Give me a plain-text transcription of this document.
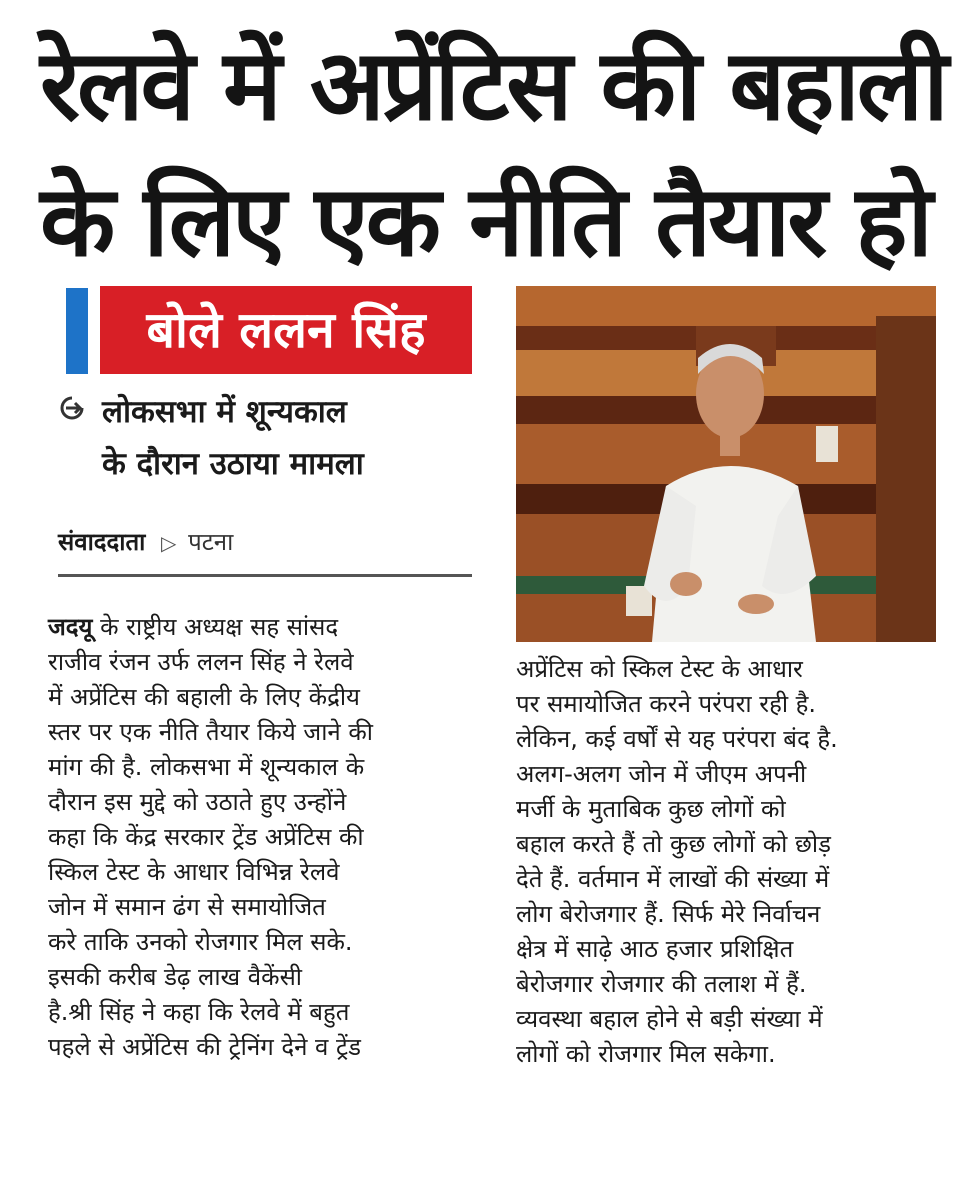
रेलवे में अप्रेंटिस की बहाली
के लिए एक नीति तैयार हो
बोले ललन सिंह
लोकसभा में शून्यकाल
के दौरान उठाया मामला
संवाददाता ▷ पटना
जदयू के राष्ट्रीय अध्यक्ष सह सांसद
राजीव रंजन उर्फ ललन सिंह ने रेलवे
में अप्रेंटिस की बहाली के लिए केंद्रीय
स्तर पर एक नीति तैयार किये जाने की
मांग की है. लोकसभा में शून्यकाल के
दौरान इस मुद्दे को उठाते हुए उन्होंने
कहा कि केंद्र सरकार ट्रेंड अप्रेंटिस की
स्किल टेस्ट के आधार विभिन्न रेलवे
जोन में समान ढंग से समायोजित
करे ताकि उनको रोजगार मिल सके.
इसकी करीब डेढ़ लाख वैकेंसी
है.श्री सिंह ने कहा कि रेलवे में बहुत
पहले से अप्रेंटिस की ट्रेनिंग देने व ट्रेंड
अप्रेंटिस को स्किल टेस्ट के आधार
पर समायोजित करने परंपरा रही है.
लेकिन, कई वर्षों से यह परंपरा बंद है.
अलग-अलग जोन में जीएम अपनी
मर्जी के मुताबिक कुछ लोगों को
बहाल करते हैं तो कुछ लोगों को छोड़
देते हैं. वर्तमान में लाखों की संख्या में
लोग बेरोजगार हैं. सिर्फ मेरे निर्वाचन
क्षेत्र में साढ़े आठ हजार प्रशिक्षित
बेरोजगार रोजगार की तलाश में हैं.
व्यवस्था बहाल होने से बड़ी संख्या में
लोगों को रोजगार मिल सकेगा.
